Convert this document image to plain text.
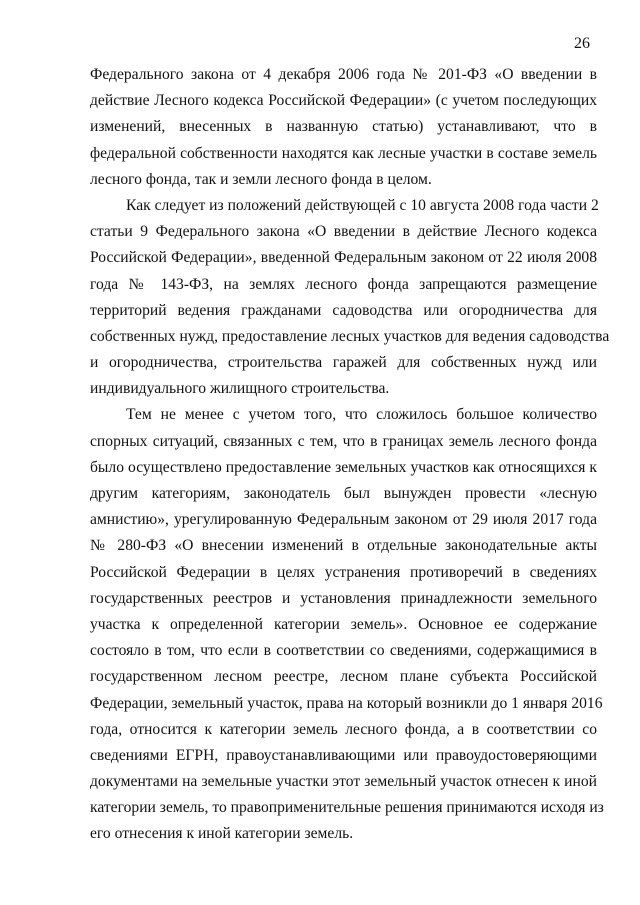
26
Федерального закона от 4 декабря 2006 года № 201-ФЗ «О введении в
действие Лесного кодекса Российской Федерации» (с учетом последующих
изменений, внесенных в названную статью) устанавливают, что в
федеральной собственности находятся как лесные участки в составе земель
лесного фонда, так и земли лесного фонда в целом.
Как следует из положений действующей с 10 августа 2008 года части 2
статьи 9 Федерального закона «О введении в действие Лесного кодекса
Российской Федерации», введенной Федеральным законом от 22 июля 2008
года № 143-ФЗ, на землях лесного фонда запрещаются размещение
территорий ведения гражданами садоводства или огородничества для
собственных нужд, предоставление лесных участков для ведения садоводства
и огородничества, строительства гаражей для собственных нужд или
индивидуального жилищного строительства.
Тем не менее с учетом того, что сложилось большое количество
спорных ситуаций, связанных с тем, что в границах земель лесного фонда
было осуществлено предоставление земельных участков как относящихся к
другим категориям, законодатель был вынужден провести «лесную
амнистию», урегулированную Федеральным законом от 29 июля 2017 года
№ 280-ФЗ «О внесении изменений в отдельные законодательные акты
Российской Федерации в целях устранения противоречий в сведениях
государственных реестров и установления принадлежности земельного
участка к определенной категории земель». Основное ее содержание
состояло в том, что если в соответствии со сведениями, содержащимися в
государственном лесном реестре, лесном плане субъекта Российской
Федерации, земельный участок, права на который возникли до 1 января 2016
года, относится к категории земель лесного фонда, а в соответствии со
сведениями ЕГРН, правоустанавливающими или правоудостоверяющими
документами на земельные участки этот земельный участок отнесен к иной
категории земель, то правоприменительные решения принимаются исходя из
его отнесения к иной категории земель.
